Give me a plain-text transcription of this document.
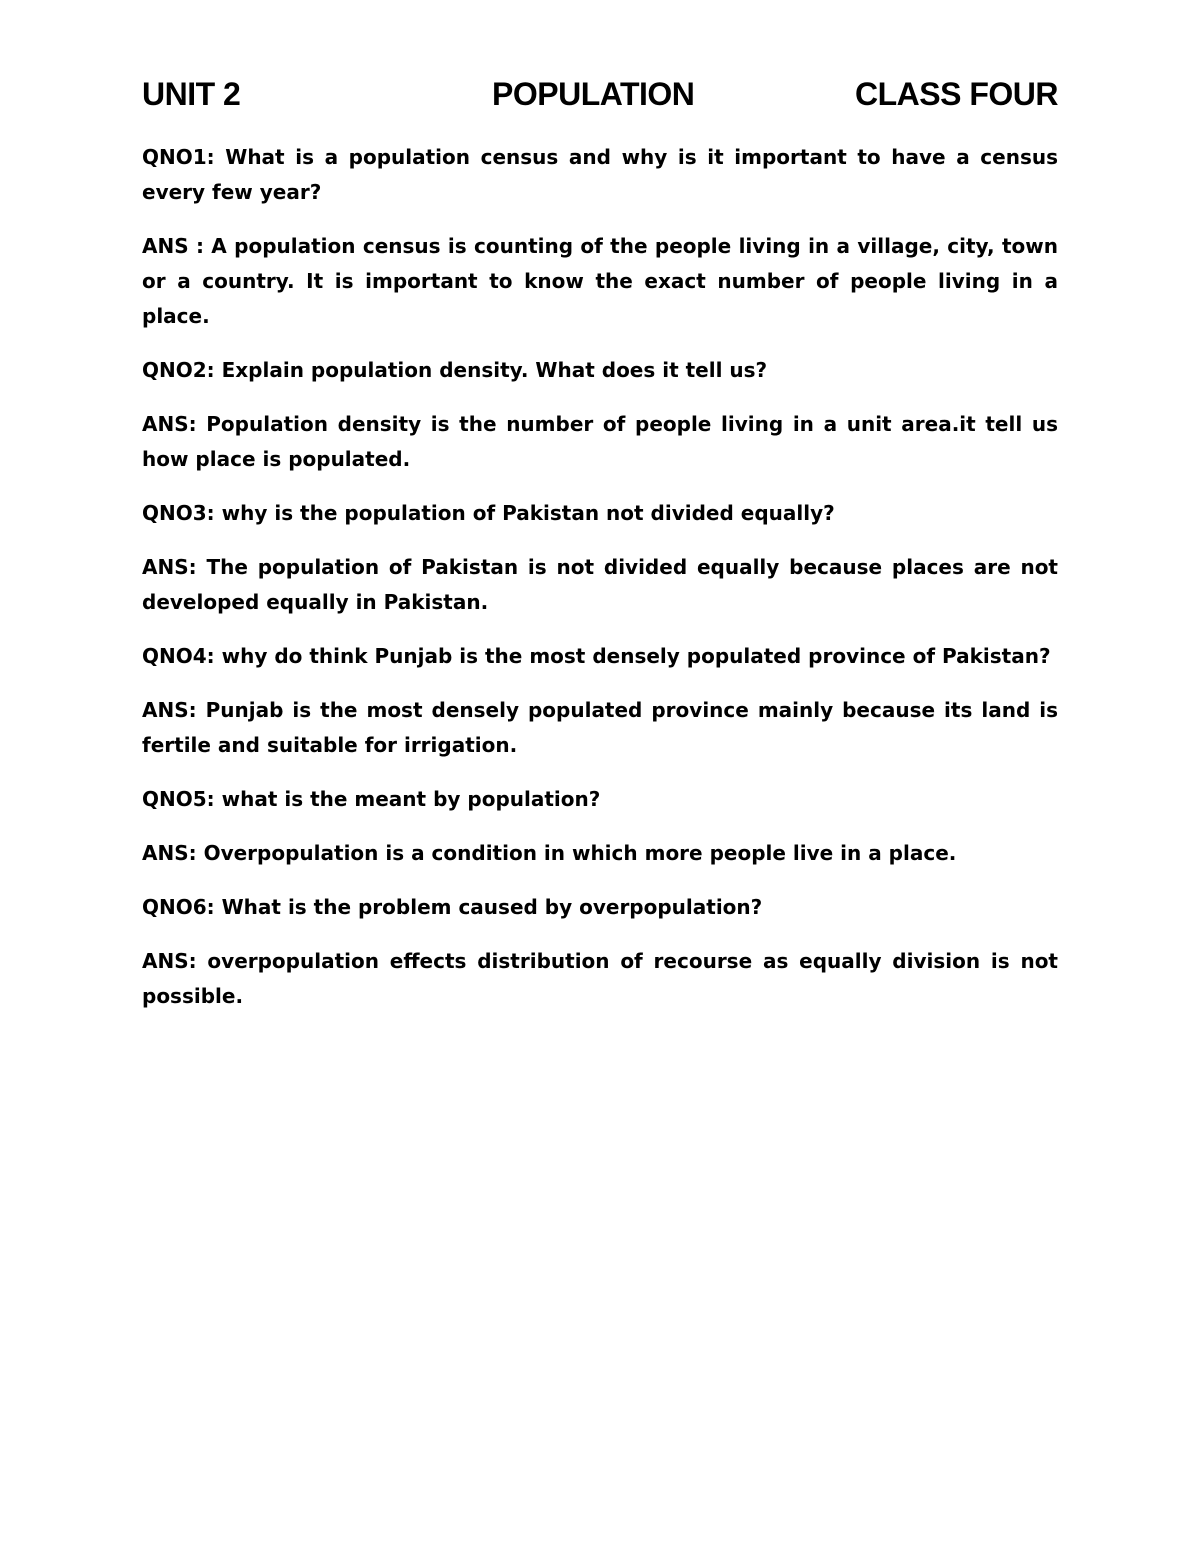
UNIT 2	POPULATION	CLASS FOUR

QNO1: What is a population census and why is it important to have a census every few year?

ANS : A population census is counting of the people living in a village, city, town or a country. It is important to know the exact number of people living in a place.

QNO2: Explain population density. What does it tell us?

ANS: Population density is the number of people living in a unit area.it tell us how place is populated.

QNO3: why is the population of Pakistan not divided equally?

ANS: The population of Pakistan is not divided equally because places are not developed equally in Pakistan.

QNO4: why do think Punjab is the most densely populated province of Pakistan?

ANS: Punjab is the most densely populated province mainly because its land is fertile and suitable for irrigation.

QNO5: what is the meant by population?

ANS: Overpopulation is a condition in which more people live in a place.

QNO6: What is the problem caused by overpopulation?

ANS: overpopulation effects distribution of recourse as equally division is not possible.
